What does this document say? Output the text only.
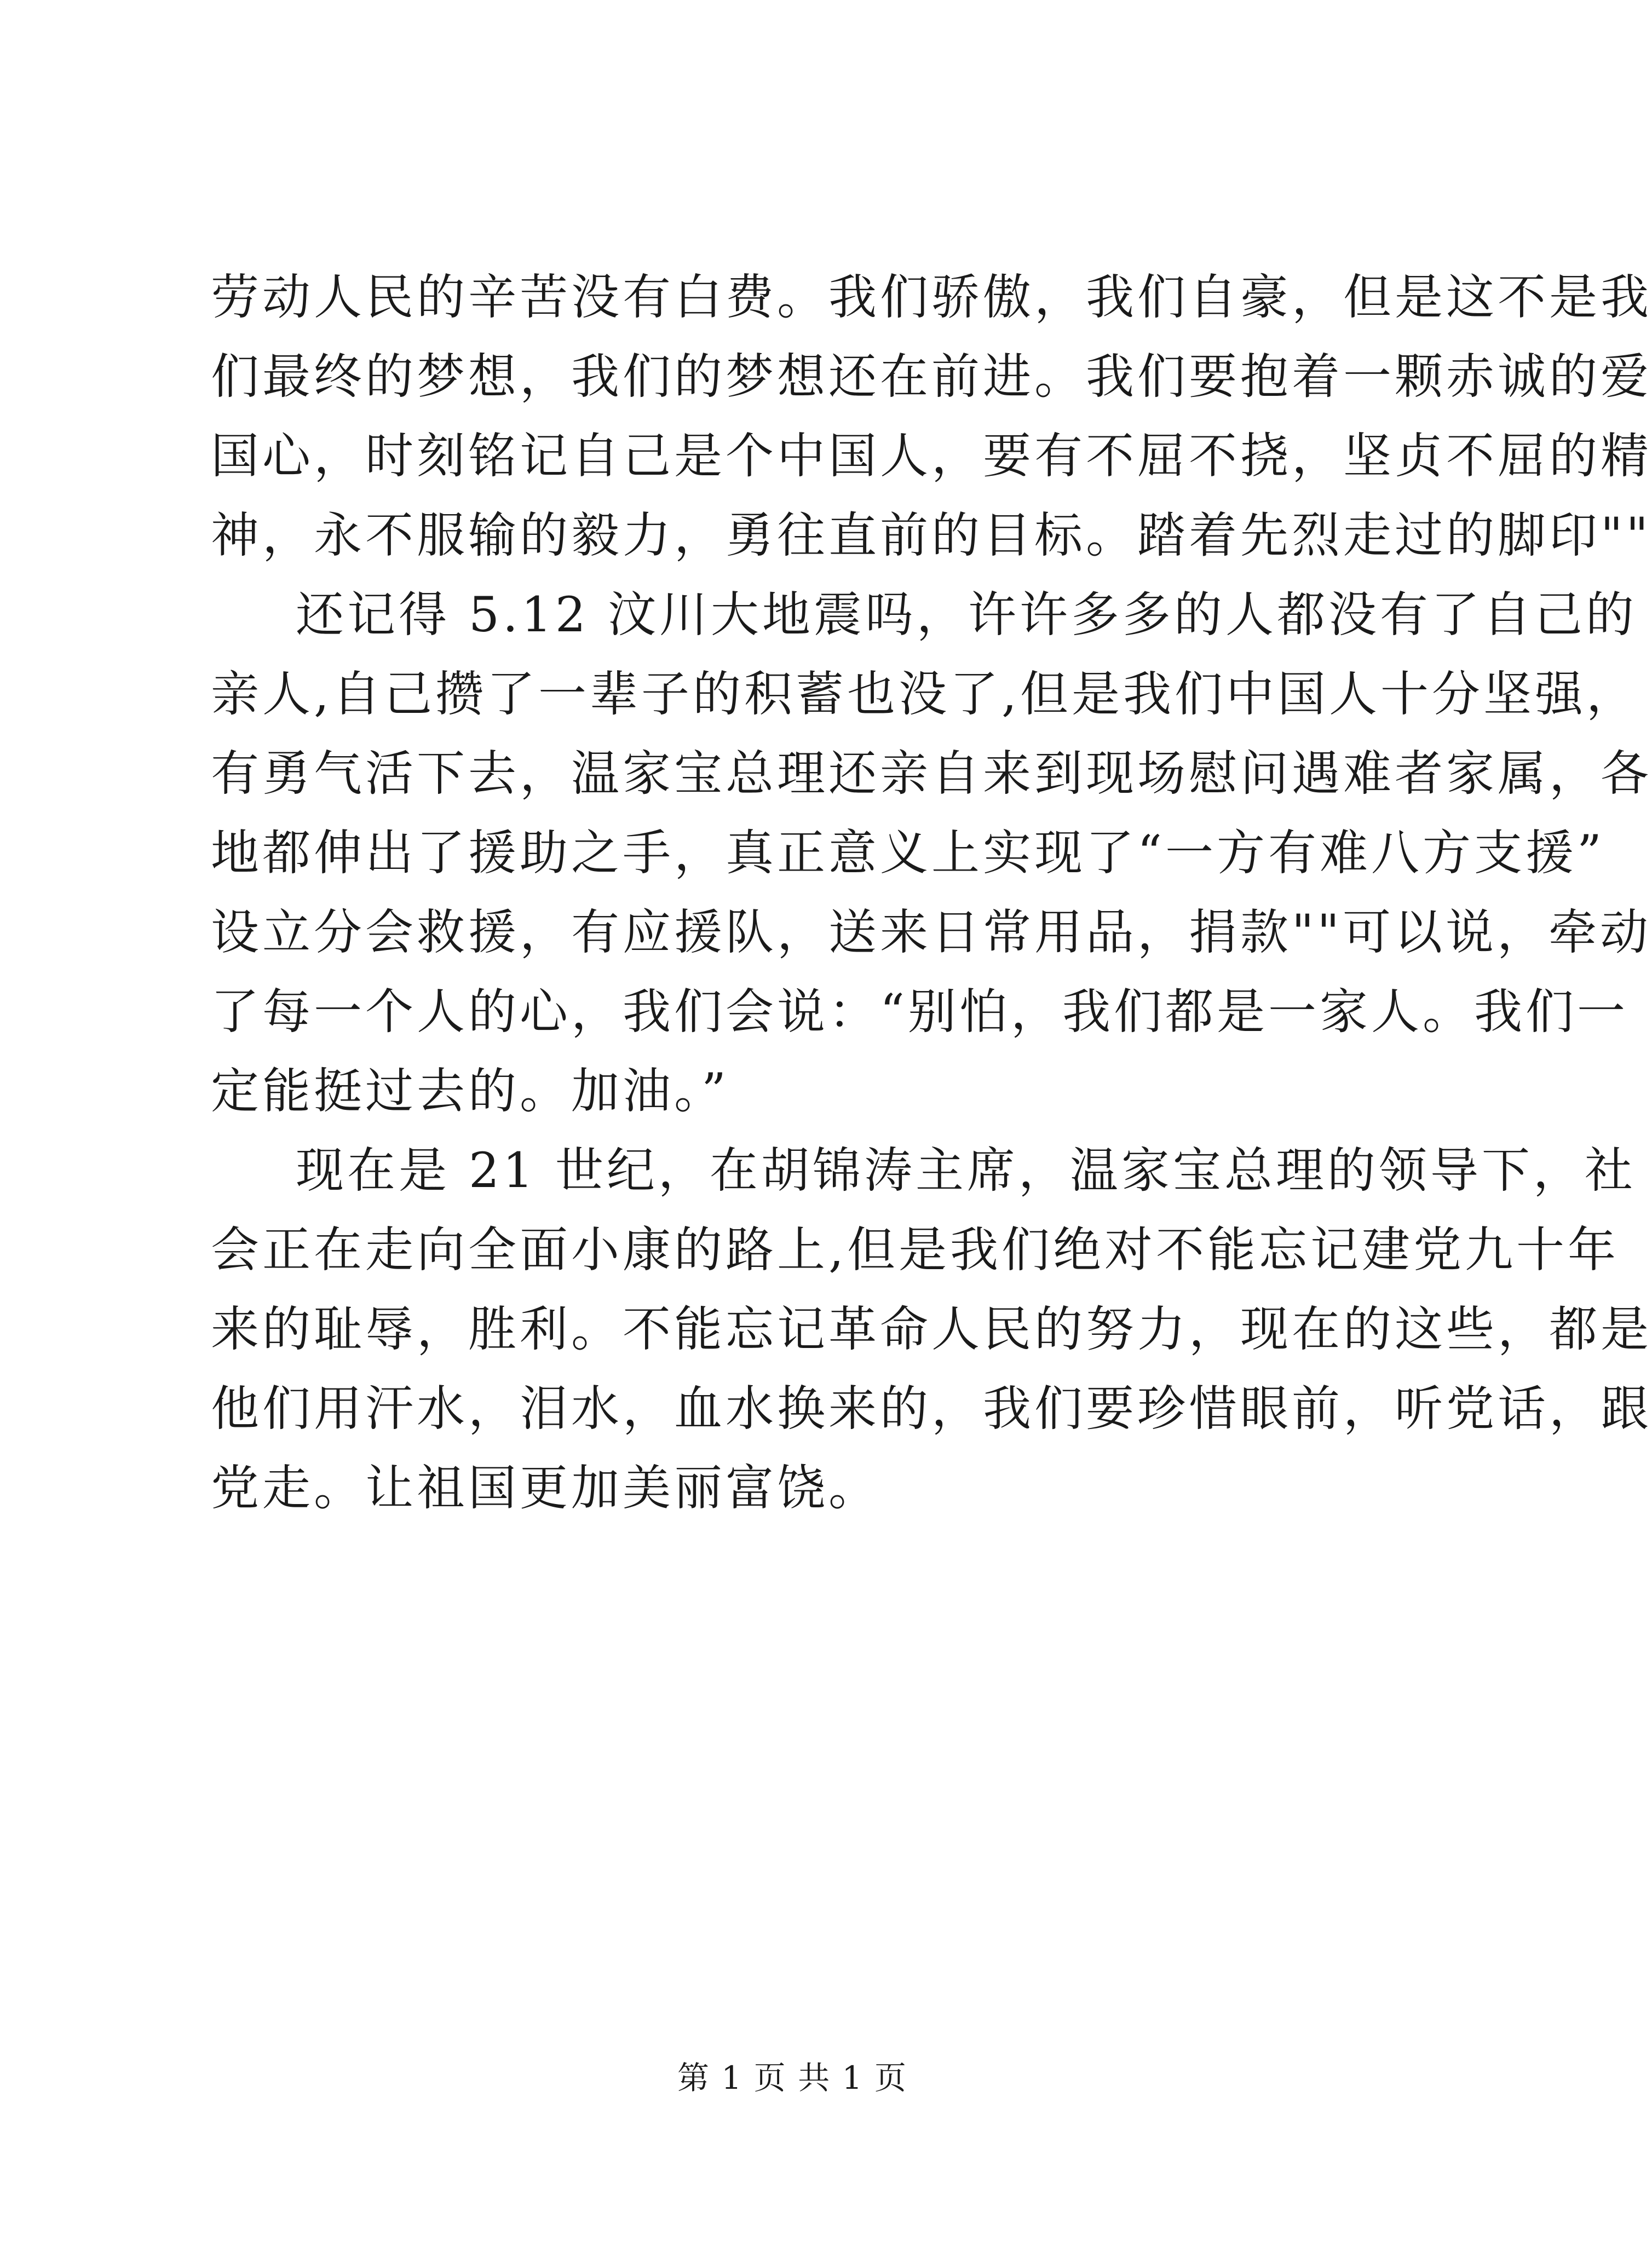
劳动人民的辛苦没有白费。我们骄傲，我们自豪，但是这不是我
们最终的梦想，我们的梦想还在前进。我们要抱着一颗赤诚的爱
国心，时刻铭记自己是个中国人，要有不屈不挠，坚贞不屈的精
神，永不服输的毅力，勇往直前的目标。踏着先烈走过的脚印""
还记得 5.12 汶川大地震吗，许许多多的人都没有了自己的
亲人,自己攒了一辈子的积蓄也没了,但是我们中国人十分坚强，
有勇气活下去，温家宝总理还亲自来到现场慰问遇难者家属，各
地都伸出了援助之手，真正意义上实现了“一方有难八方支援”
设立分会救援，有应援队，送来日常用品，捐款""可以说，牵动
了每一个人的心，我们会说：“别怕，我们都是一家人。我们一
定能挺过去的。加油。”
现在是 21 世纪，在胡锦涛主席，温家宝总理的领导下，社
会正在走向全面小康的路上,但是我们绝对不能忘记建党九十年
来的耻辱，胜利。不能忘记革命人民的努力，现在的这些，都是
他们用汗水，泪水，血水换来的，我们要珍惜眼前，听党话，跟
党走。让祖国更加美丽富饶。
第 1 页 共 1 页
